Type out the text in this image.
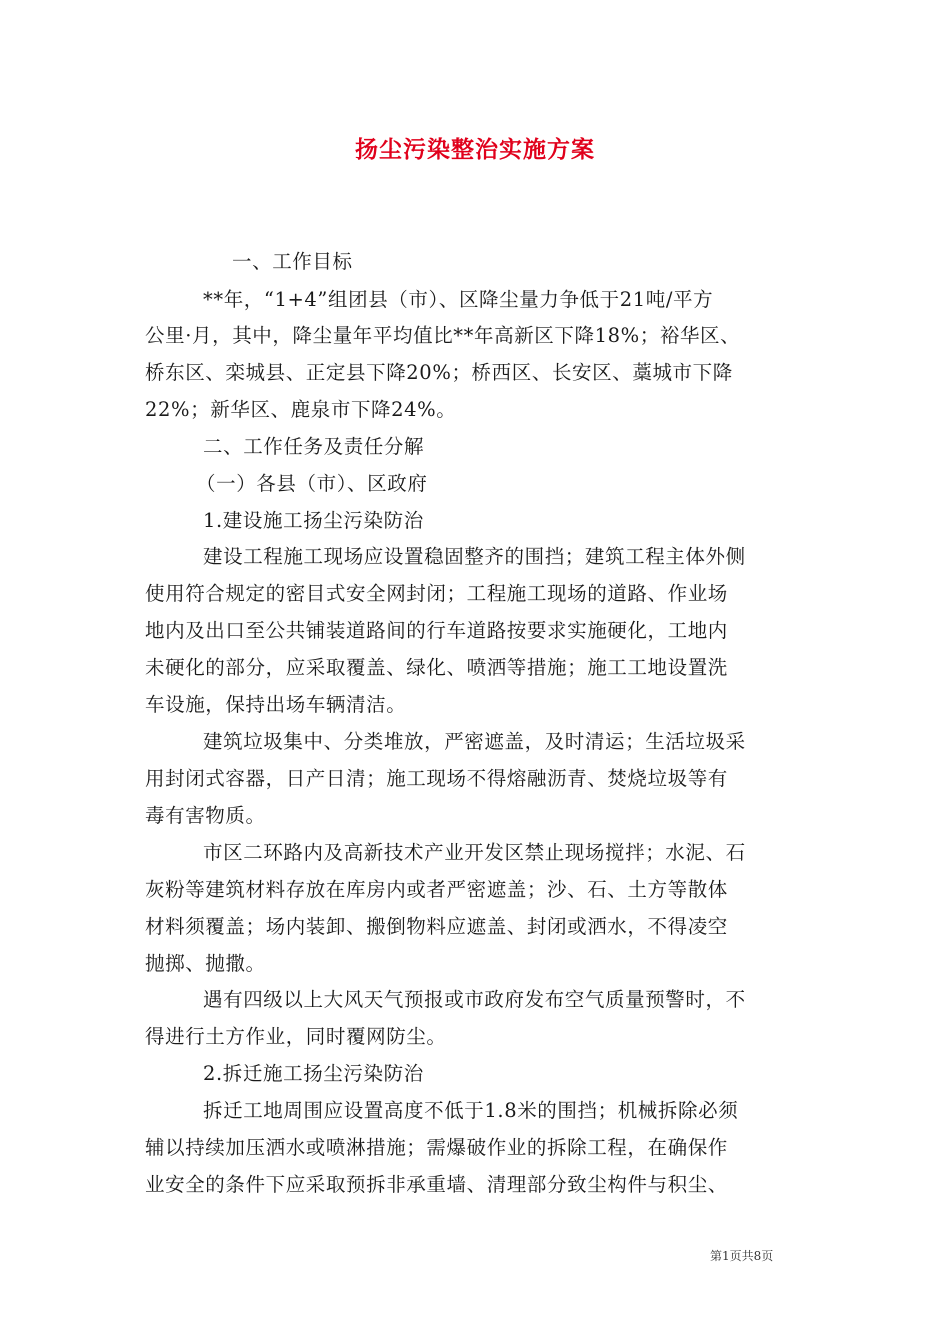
扬尘污染整治实施方案
一、工作目标
**年，“1+4”组团县（市）、区降尘量力争低于21吨/平方
公里·月，其中，降尘量年平均值比**年高新区下降18%；裕华区、
桥东区、栾城县、正定县下降20%；桥西区、长安区、藁城市下降
22%；新华区、鹿泉市下降24%。
二、工作任务及责任分解
（一）各县（市）、区政府
1.建设施工扬尘污染防治
建设工程施工现场应设置稳固整齐的围挡；建筑工程主体外侧
使用符合规定的密目式安全网封闭；工程施工现场的道路、作业场
地内及出口至公共铺装道路间的行车道路按要求实施硬化，工地内
未硬化的部分，应采取覆盖、绿化、喷洒等措施；施工工地设置洗
车设施，保持出场车辆清洁。
建筑垃圾集中、分类堆放，严密遮盖，及时清运；生活垃圾采
用封闭式容器，日产日清；施工现场不得熔融沥青、焚烧垃圾等有
毒有害物质。
市区二环路内及高新技术产业开发区禁止现场搅拌；水泥、石
灰粉等建筑材料存放在库房内或者严密遮盖；沙、石、土方等散体
材料须覆盖；场内装卸、搬倒物料应遮盖、封闭或洒水，不得凌空
抛掷、抛撒。
遇有四级以上大风天气预报或市政府发布空气质量预警时，不
得进行土方作业，同时覆网防尘。
2.拆迁施工扬尘污染防治
拆迁工地周围应设置高度不低于1.8米的围挡；机械拆除必须
辅以持续加压洒水或喷淋措施；需爆破作业的拆除工程，在确保作
业安全的条件下应采取预拆非承重墙、清理部分致尘构件与积尘、
第1页共8页
